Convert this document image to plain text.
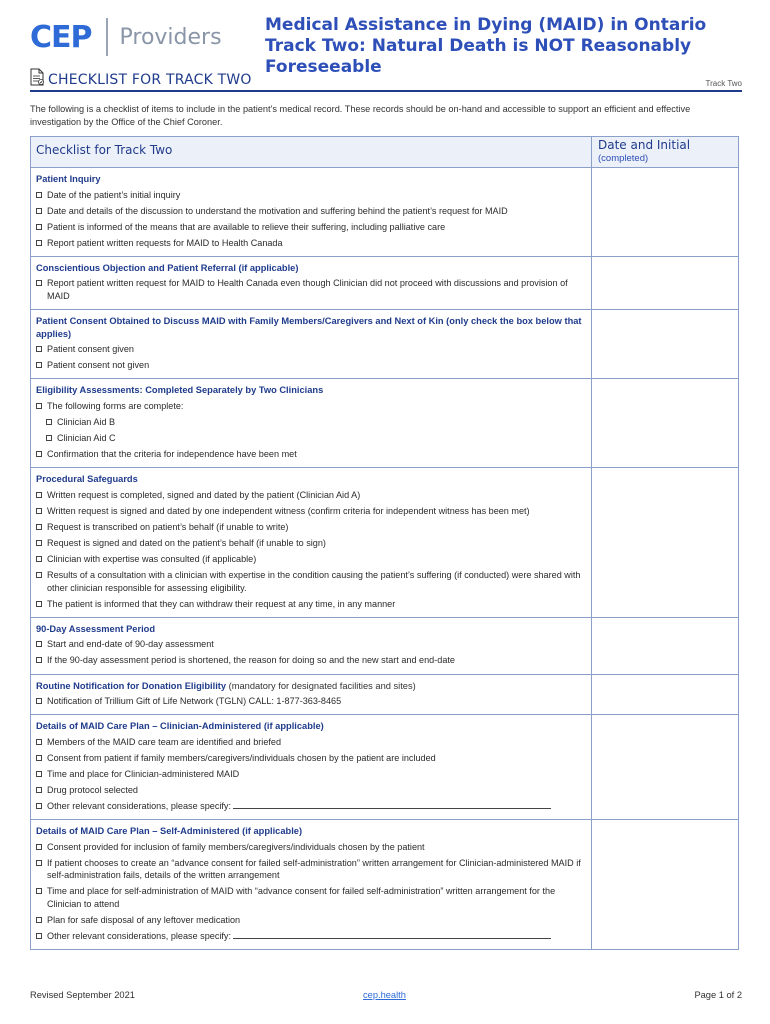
CEP Providers	Medical Assistance in Dying (MAID) in Ontario Track Two: Natural Death is NOT Reasonably Foreseeable
CHECKLIST FOR TRACK TWO	Track Two
The following is a checklist of items to include in the patient’s medical record. These records should be on-hand and accessible to support an efficient and effective investigation by the Office of the Chief Coroner.
Checklist for Track Two	Date and Initial
(completed)
Patient Inquiry
Date of the patient’s initial inquiry
Date and details of the discussion to understand the motivation and suffering behind the patient’s request for MAID
Patient is informed of the means that are available to relieve their suffering, including palliative care
Report patient written requests for MAID to Health Canada
Conscientious Objection and Patient Referral (if applicable)
Report patient written request for MAID to Health Canada even though Clinician did not proceed with discussions and provision of MAID
Patient Consent Obtained to Discuss MAID with Family Members/Caregivers and Next of Kin (only check the box below that applies)
Patient consent given
Patient consent not given
Eligibility Assessments: Completed Separately by Two Clinicians
The following forms are complete:
Clinician Aid B
Clinician Aid C
Confirmation that the criteria for independence have been met
Procedural Safeguards
Written request is completed, signed and dated by the patient (Clinician Aid A)
Written request is signed and dated by one independent witness (confirm criteria for independent witness has been met)
Request is transcribed on patient’s behalf (if unable to write)
Request is signed and dated on the patient’s behalf (if unable to sign)
Clinician with expertise was consulted (if applicable)
Results of a consultation with a clinician with expertise in the condition causing the patient’s suffering (if conducted) were shared with other clinician responsible for assessing eligibility.
The patient is informed that they can withdraw their request at any time, in any manner
90-Day Assessment Period
Start and end-date of 90-day assessment
If the 90-day assessment period is shortened, the reason for doing so and the new start and end-date
Routine Notification for Donation Eligibility (mandatory for designated facilities and sites)
Notification of Trillium Gift of Life Network (TGLN) CALL: 1-877-363-8465
Details of MAID Care Plan – Clinician-Administered (if applicable)
Members of the MAID care team are identified and briefed
Consent from patient if family members/caregivers/individuals chosen by the patient are included
Time and place for Clinician-administered MAID
Drug protocol selected
Other relevant considerations, please specify:
Details of MAID Care Plan – Self-Administered (if applicable)
Consent provided for inclusion of family members/caregivers/individuals chosen by the patient
If patient chooses to create an “advance consent for failed self-administration” written arrangement for Clinician-administered MAID if self-administration fails, details of the written arrangement
Time and place for self-administration of MAID with “advance consent for failed self-administration” written arrangement for the Clinician to attend
Plan for safe disposal of any leftover medication
Other relevant considerations, please specify:
Revised September 2021	cep.health	Page 1 of 2
